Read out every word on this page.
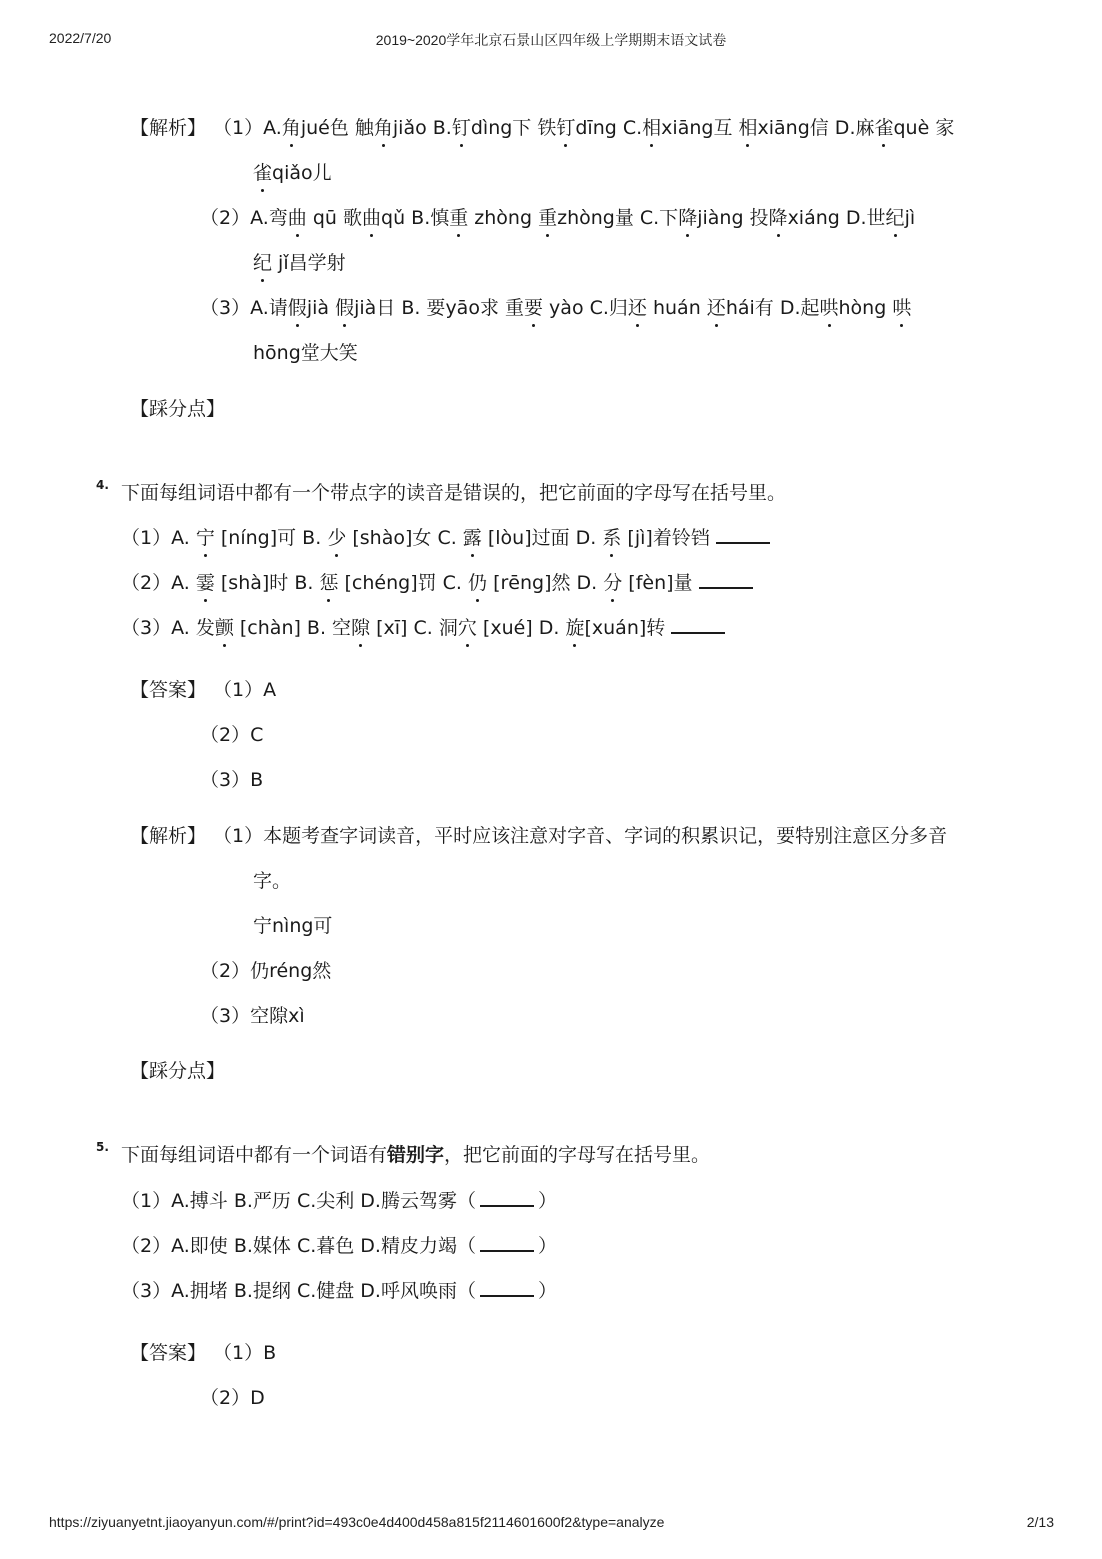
2022/7/20	2019~2020学年北京石景山区四年级上学期期末语文试卷
【解析】 （1）A.角jué色 触角jiǎo B.钉dìng下 铁钉dīng C.相xiāng互 相xiāng信 D.麻雀què 家
雀qiǎo儿
（2）A.弯曲 qū 歌曲qǔ B.慎重 zhòng 重zhòng量 C.下降jiàng 投降xiáng D.世纪jì
纪 jǐ昌学射
（3）A.请假jià 假jià日 B. 要yāo求 重要 yào C.归还 huán 还hái有 D.起哄hòng 哄
hōng堂大笑
【踩分点】
4. 下面每组词语中都有一个带点字的读音是错误的，把它前面的字母写在括号里。
（1）A. 宁 [níng]可 B. 少 [shào]女 C. 露 [lòu]过面 D. 系 [jì]着铃铛
（2）A. 霎 [shà]时 B. 惩 [chéng]罚 C. 仍 [rēng]然 D. 分 [fèn]量
（3）A. 发颤 [chàn] B. 空隙 [xī] C. 洞穴 [xué] D. 旋[xuán]转
【答案】 （1）A
（2）C
（3）B
【解析】 （1）本题考查字词读音，平时应该注意对字音、字词的积累识记，要特别注意区分多音
字。
宁nìng可
（2）仍réng然
（3）空隙xì
【踩分点】
5. 下面每组词语中都有一个词语有错别字，把它前面的字母写在括号里。
（1）A.搏斗 B.严历 C.尖利 D.腾云驾雾（	）
（2）A.即使 B.媒体 C.暮色 D.精皮力竭（	）
（3）A.拥堵 B.提纲 C.健盘 D.呼风唤雨（	）
【答案】 （1）B
（2）D
https://ziyuanyetnt.jiaoyanyun.com/#/print?id=493c0e4d400d458a815f2114601600f2&type=analyze	2/13
